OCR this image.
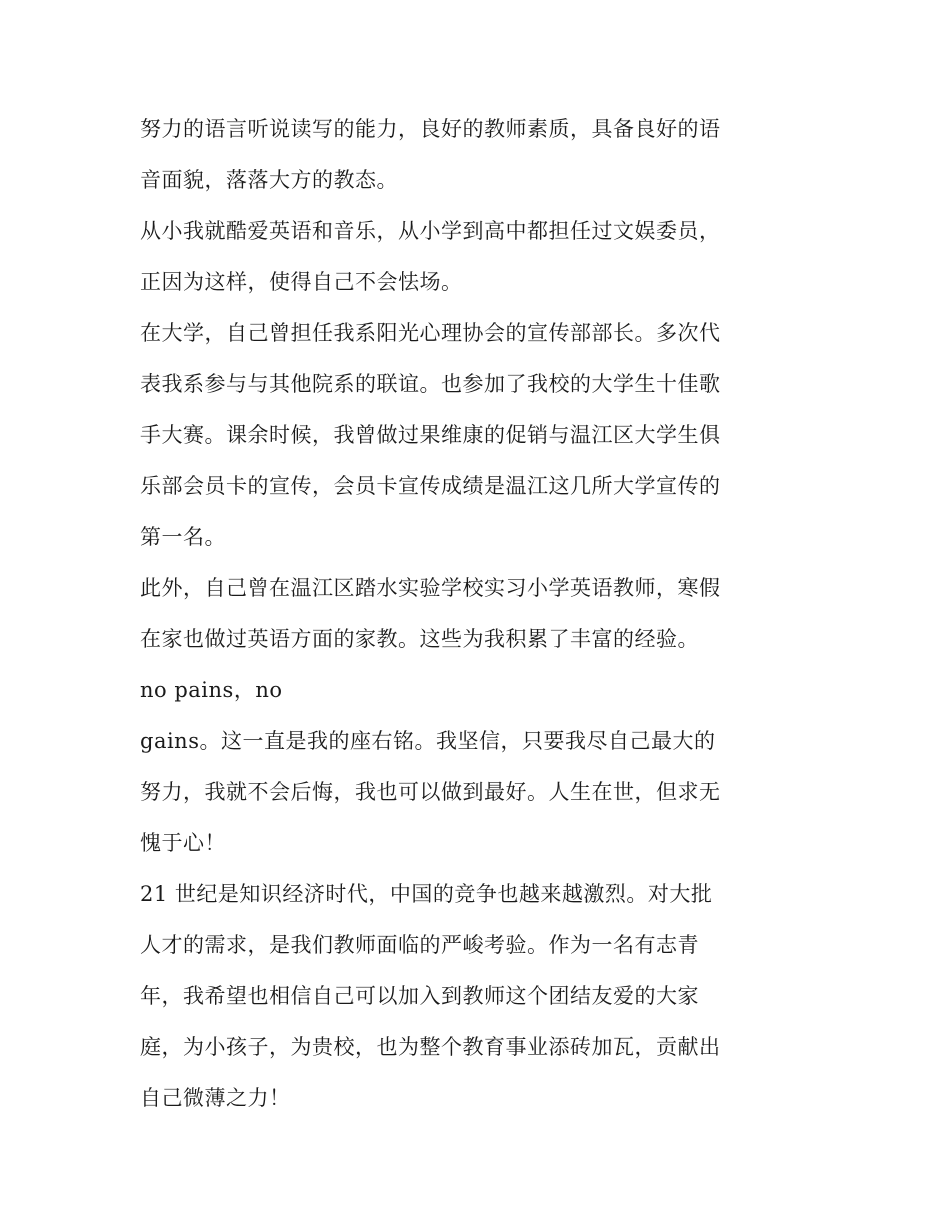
努力的语言听说读写的能力，良好的教师素质，具备良好的语
音面貌，落落大方的教态。
从小我就酷爱英语和音乐，从小学到高中都担任过文娱委员，
正因为这样，使得自己不会怯场。
在大学，自己曾担任我系阳光心理协会的宣传部部长。多次代
表我系参与与其他院系的联谊。也参加了我校的大学生十佳歌
手大赛。课余时候，我曾做过果维康的促销与温江区大学生俱
乐部会员卡的宣传，会员卡宣传成绩是温江这几所大学宣传的
第一名。
此外，自己曾在温江区踏水实验学校实习小学英语教师，寒假
在家也做过英语方面的家教。这些为我积累了丰富的经验。
no pains，no
gains。这一直是我的座右铭。我坚信，只要我尽自己最大的
努力，我就不会后悔，我也可以做到最好。人生在世，但求无
愧于心！
21 世纪是知识经济时代，中国的竞争也越来越激烈。对大批
人才的需求，是我们教师面临的严峻考验。作为一名有志青
年，我希望也相信自己可以加入到教师这个团结友爱的大家
庭，为小孩子，为贵校，也为整个教育事业添砖加瓦，贡献出
自己微薄之力！
